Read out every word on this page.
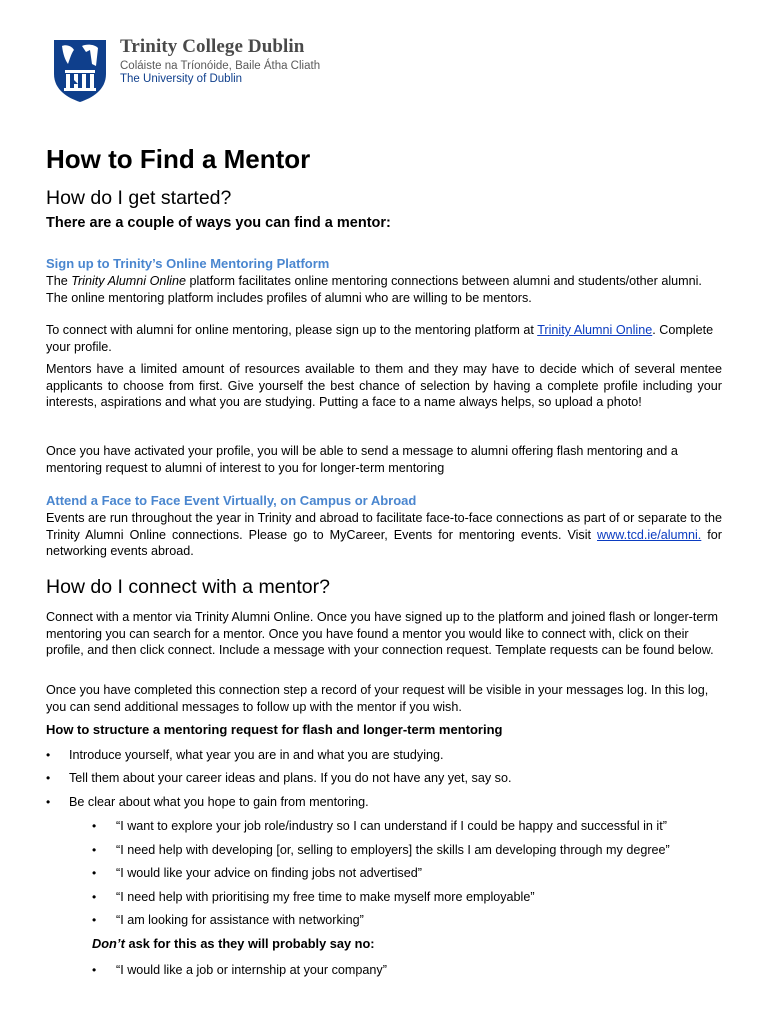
Trinity College Dublin
Coláiste na Tríonóide, Baile Átha Cliath
The University of Dublin
How to Find a Mentor
How do I get started?

There are a couple of ways you can find a mentor:

Sign up to Trinity’s Online Mentoring Platform

The Trinity Alumni Online platform facilitates online mentoring connections between alumni and students/other alumni. The online mentoring platform includes profiles of alumni who are willing to be mentors.

To connect with alumni for online mentoring, please sign up to the mentoring platform at Trinity Alumni Online. Complete your profile.

Mentors have a limited amount of resources available to them and they may have to decide which of several mentee applicants to choose from first. Give yourself the best chance of selection by having a complete profile including your interests, aspirations and what you are studying. Putting a face to a name always helps, so upload a photo!

Once you have activated your profile, you will be able to send a message to alumni offering flash mentoring and a mentoring request to alumni of interest to you for longer-term mentoring

Attend a Face to Face Event Virtually, on Campus or Abroad

Events are run throughout the year in Trinity and abroad to facilitate face-to-face connections as part of or separate to the Trinity Alumni Online connections. Please go to MyCareer, Events for mentoring events. Visit www.tcd.ie/alumni. for networking events abroad.

How do I connect with a mentor?

Connect with a mentor via Trinity Alumni Online. Once you have signed up to the platform and joined flash or longer-term mentoring you can search for a mentor. Once you have found a mentor you would like to connect with, click on their profile, and then click connect. Include a message with your connection request. Template requests can be found below.

Once you have completed this connection step a record of your request will be visible in your messages log. In this log, you can send additional messages to follow up with the mentor if you wish.

How to structure a mentoring request for flash and longer-term mentoring

• Introduce yourself, what year you are in and what you are studying.
• Tell them about your career ideas and plans. If you do not have any yet, say so.
• Be clear about what you hope to gain from mentoring.
• “I want to explore your job role/industry so I can understand if I could be happy and successful in it”
• “I need help with developing [or, selling to employers] the skills I am developing through my degree”
• “I would like your advice on finding jobs not advertised”
• “I need help with prioritising my free time to make myself more employable”
• “I am looking for assistance with networking”

Don’t ask for this as they will probably say no:

• “I would like a job or internship at your company”
